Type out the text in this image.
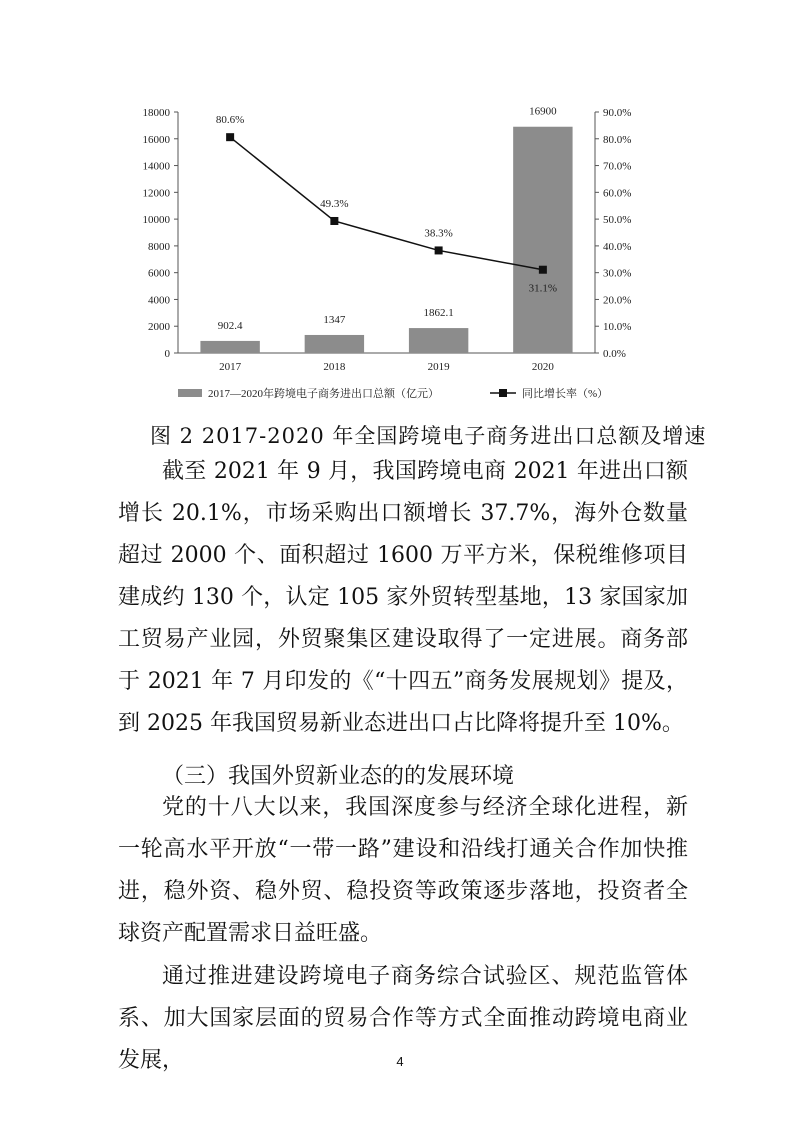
0
2000
4000
6000
8000
10000
12000
14000
16000
18000
0.0%
10.0%
20.0%
30.0%
40.0%
50.0%
60.0%
70.0%
80.0%
90.0%
902.4	1347
1862.1
16900
2017	2018	2019	2020
80.6%
49.3%
38.3%
31.1%
2017—2020年跨境电子商务进出口总额（亿元）	同比增长率（%）
图 2 2017-2020 年全国跨境电子商务进出口总额及增速

截至 2021 年 9 月，我国跨境电商 2021 年进出口额增长 20.1%，市场采购出口额增长 37.7%，海外仓数量超过 2000 个、面积超过 1600 万平方米，保税维修项目建成约 130 个，认定 105 家外贸转型基地，13 家国家加工贸易产业园，外贸聚集区建设取得了一定进展。商务部于 2021 年 7 月印发的《“十四五”商务发展规划》提及，到 2025 年我国贸易新业态进出口占比降将提升至 10%。

（三）我国外贸新业态的的发展环境

党的十八大以来，我国深度参与经济全球化进程，新一轮高水平开放“一带一路”建设和沿线打通关合作加快推进，稳外资、稳外贸、稳投资等政策逐步落地，投资者全球资产配置需求日益旺盛。

通过推进建设跨境电子商务综合试验区、规范监管体系、加大国家层面的贸易合作等方式全面推动跨境电商业发展，	4
